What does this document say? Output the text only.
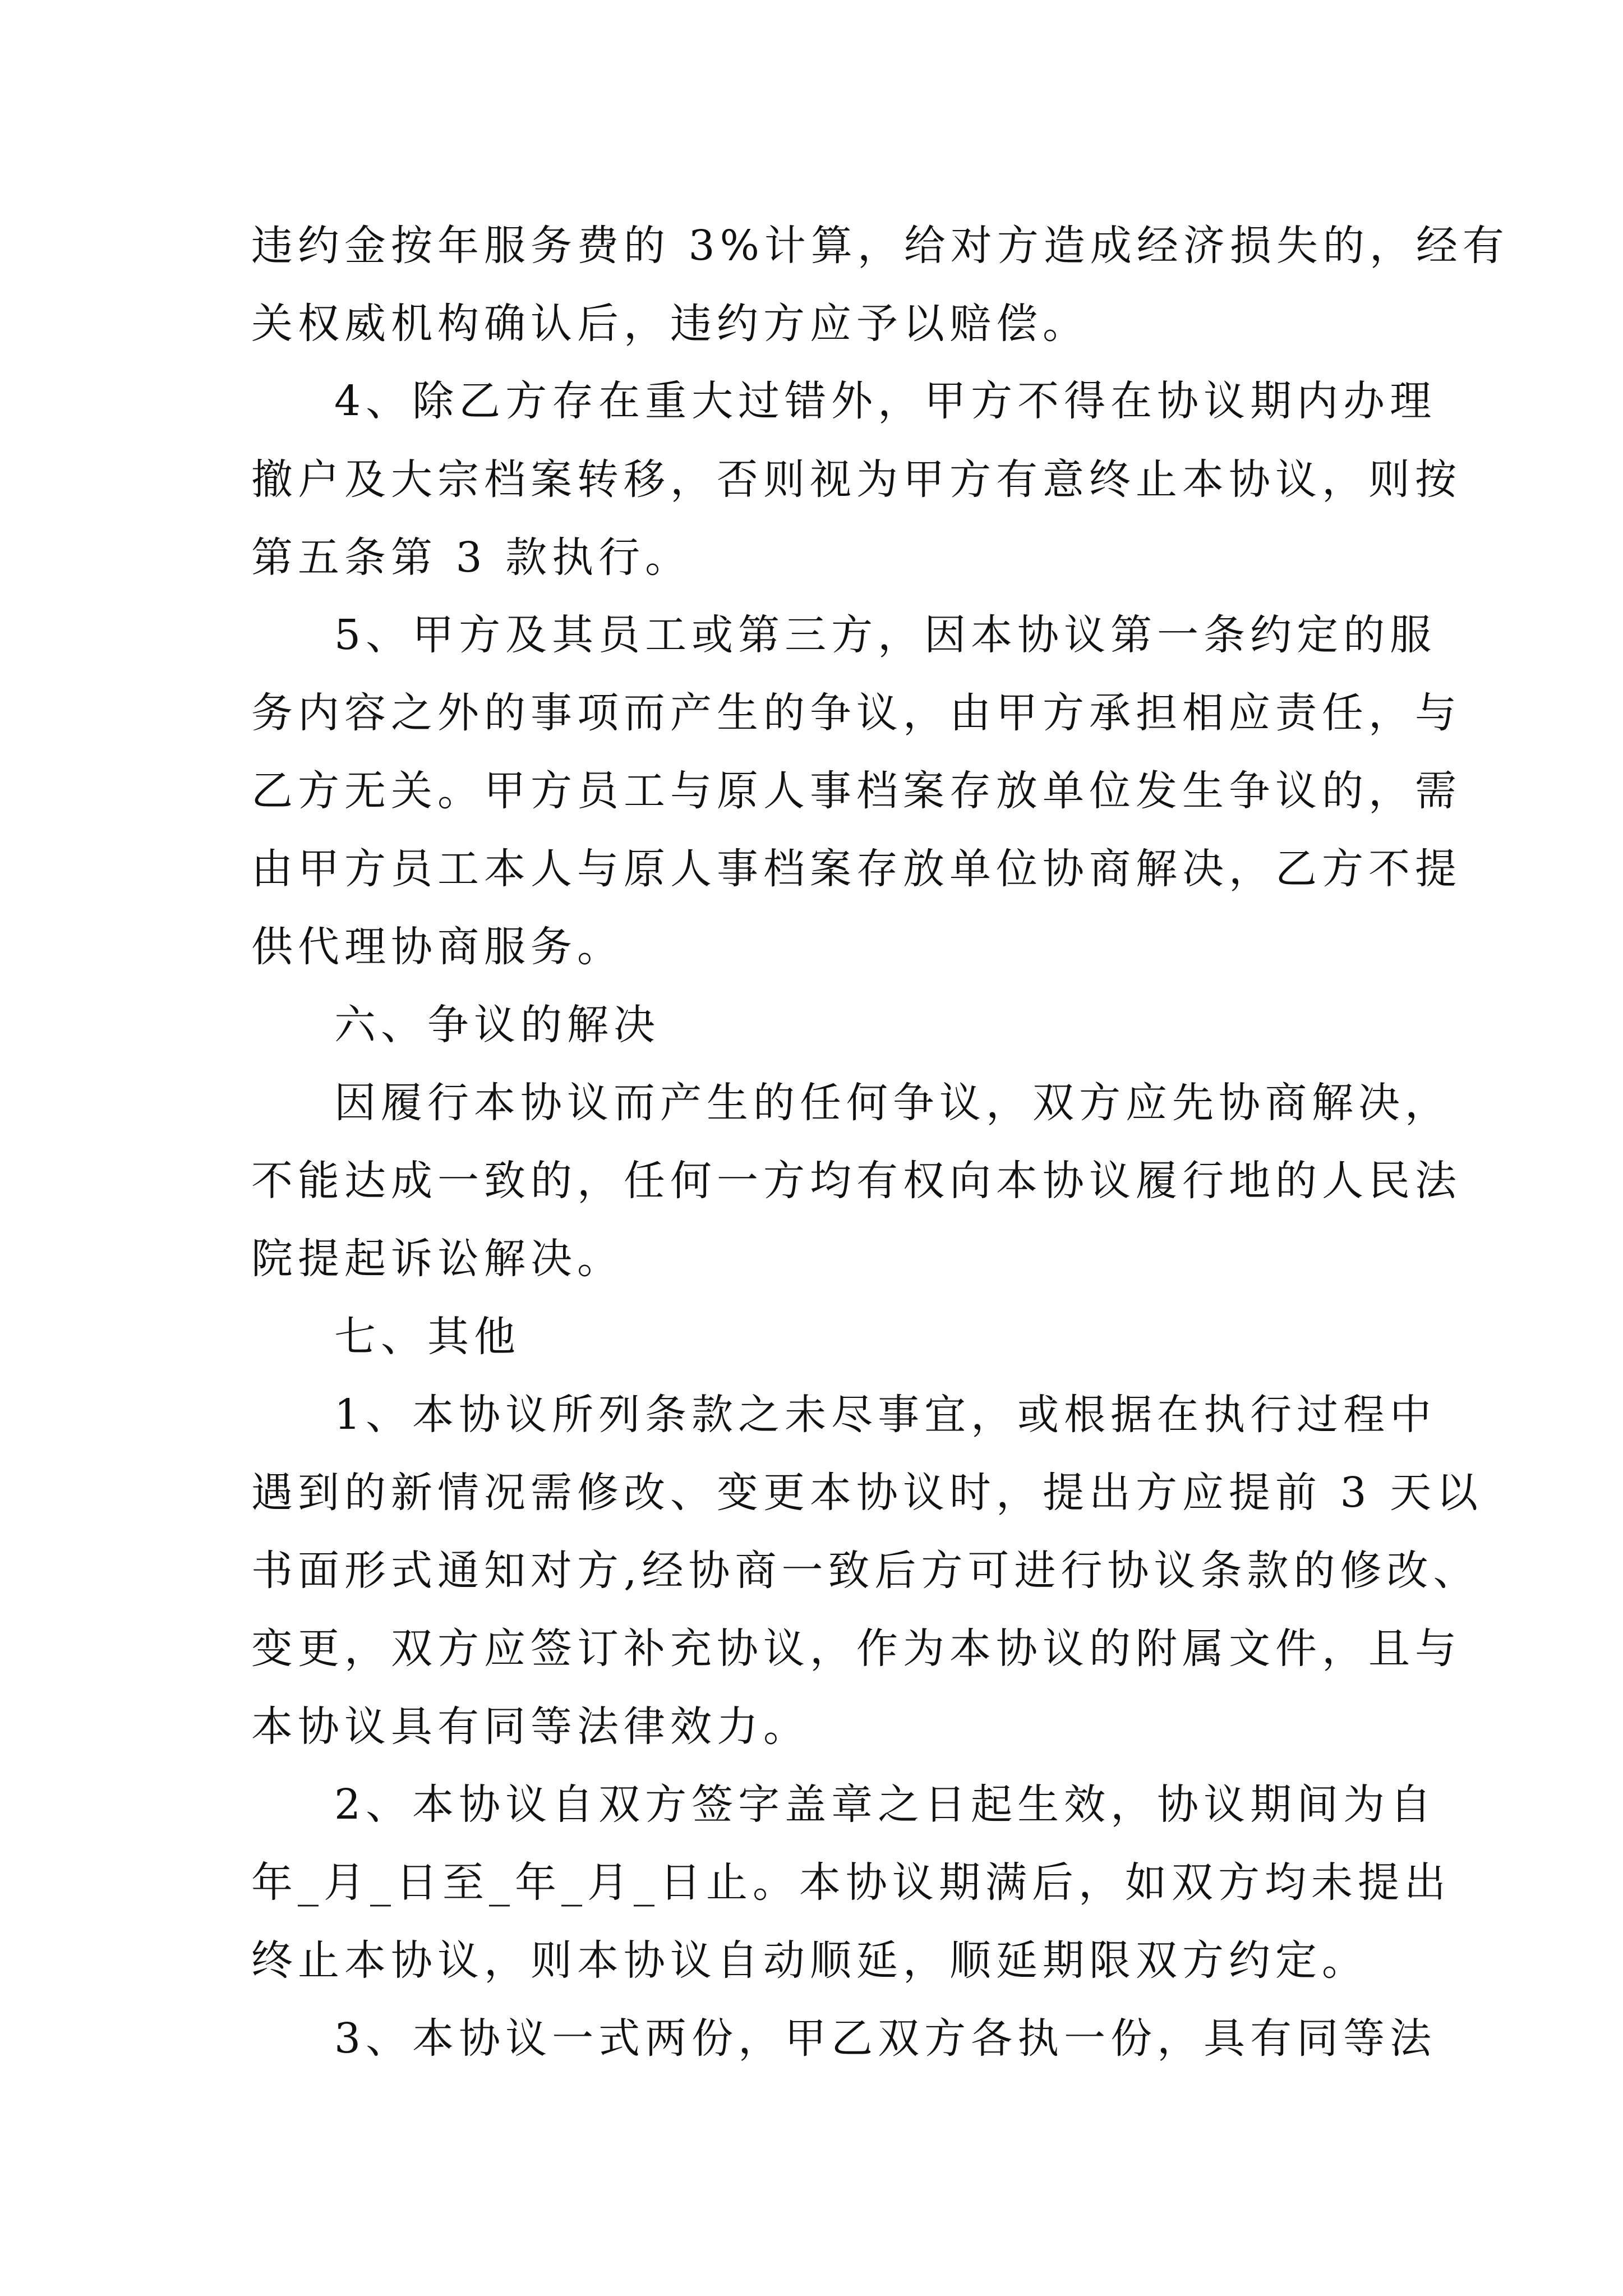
违约金按年服务费的 3%计算，给对方造成经济损失的，经有
关权威机构确认后，违约方应予以赔偿。
4、除乙方存在重大过错外，甲方不得在协议期内办理
撤户及大宗档案转移，否则视为甲方有意终止本协议，则按
第五条第 3 款执行。
5、甲方及其员工或第三方，因本协议第一条约定的服
务内容之外的事项而产生的争议，由甲方承担相应责任，与
乙方无关。甲方员工与原人事档案存放单位发生争议的，需
由甲方员工本人与原人事档案存放单位协商解决，乙方不提
供代理协商服务。
六、争议的解决
因履行本协议而产生的任何争议，双方应先协商解决，
不能达成一致的，任何一方均有权向本协议履行地的人民法
院提起诉讼解决。
七、其他
1、本协议所列条款之未尽事宜，或根据在执行过程中
遇到的新情况需修改、变更本协议时，提出方应提前 3 天以
书面形式通知对方,经协商一致后方可进行协议条款的修改、
变更，双方应签订补充协议，作为本协议的附属文件，且与
本协议具有同等法律效力。
2、本协议自双方签字盖章之日起生效，协议期间为自
年_月_日至_年_月_日止。本协议期满后，如双方均未提出
终止本协议，则本协议自动顺延，顺延期限双方约定。
3、本协议一式两份，甲乙双方各执一份，具有同等法
